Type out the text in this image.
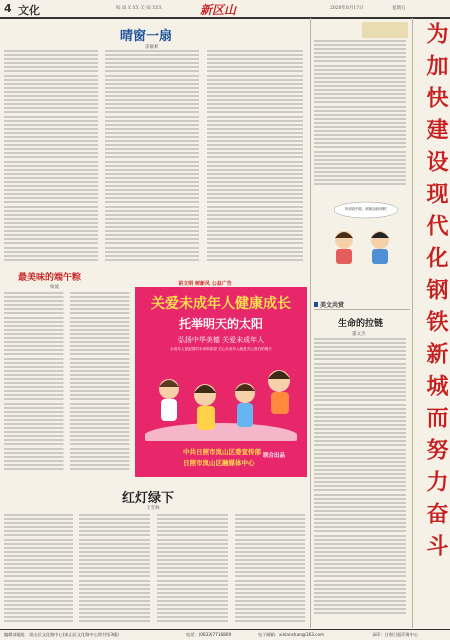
4 文化	编 辑 X XX 美 编 XXX	新区山	2020年8月17日	星期五
晴窗一扇
雷敏莉
最美味的端午粽
杨波
讲文明 树新风 公益广告
关爱未成年人健康成长
托举明天的太阳
弘扬中华美德 关爱未成年人
未成年人是祖国的未来和希望 关心未成年人就是关心我们的明天
中共日照市岚山区委宣传部
日照市岚山区融媒体中心
联合出品
红灯绿下
王雪林
快到高中啦，那就加油冲啊！
美文共赏
生命的拉链
董文杰	为加快建设现代化钢铁新城而努力奋斗
编辑部地址：岚山区文化路中心(岚山区文化路中心图书馆3楼)	电话：(0633)7716809	电子邮箱：xinlanshan@163.com	承印：日照日报印务中心
